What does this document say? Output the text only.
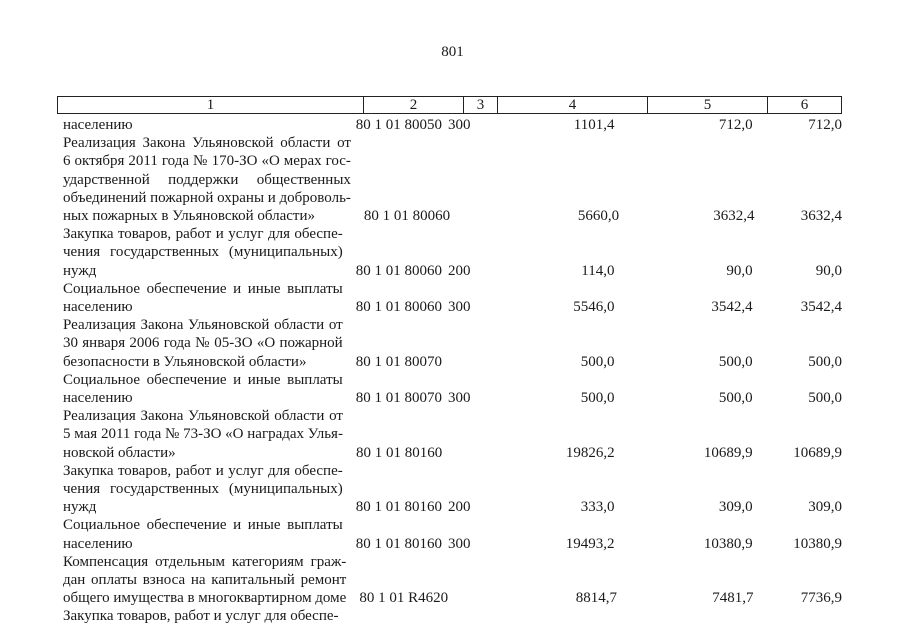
801
1	2	3	4	5	6
населению	80 1 01 80050 300	1101,4	712,0	712,0
Реализация Закона Ульяновской области от
6 октября 2011 года № 170-ЗО «О мерах гос-
ударственной поддержки общественных
объединений пожарной охраны и доброволь-
ных пожарных в Ульяновской области»	80 1 01 80060	5660,0	3632,4	3632,4
Закупка товаров, работ и услуг для обеспе-
чения государственных (муниципальных)
нужд	80 1 01 80060 200	114,0	90,0	90,0
Социальное обеспечение и иные выплаты
населению	80 1 01 80060 300	5546,0	3542,4	3542,4
Реализация Закона Ульяновской области от
30 января 2006 года № 05-ЗО «О пожарной
безопасности в Ульяновской области»	80 1 01 80070	500,0	500,0	500,0
Социальное обеспечение и иные выплаты
населению	80 1 01 80070 300	500,0	500,0	500,0
Реализация Закона Ульяновской области от
5 мая 2011 года № 73-ЗО «О наградах Улья-
новской области»	80 1 01 80160	19826,2	10689,9	10689,9
Закупка товаров, работ и услуг для обеспе-
чения государственных (муниципальных)
нужд	80 1 01 80160 200	333,0	309,0	309,0
Социальное обеспечение и иные выплаты
населению	80 1 01 80160 300	19493,2	10380,9	10380,9
Компенсация отдельным категориям граж-
дан оплаты взноса на капитальный ремонт
общего имущества в многоквартирном доме 80 1 01 R4620	8814,7	7481,7	7736,9
Закупка товаров, работ и услуг для обеспе-
